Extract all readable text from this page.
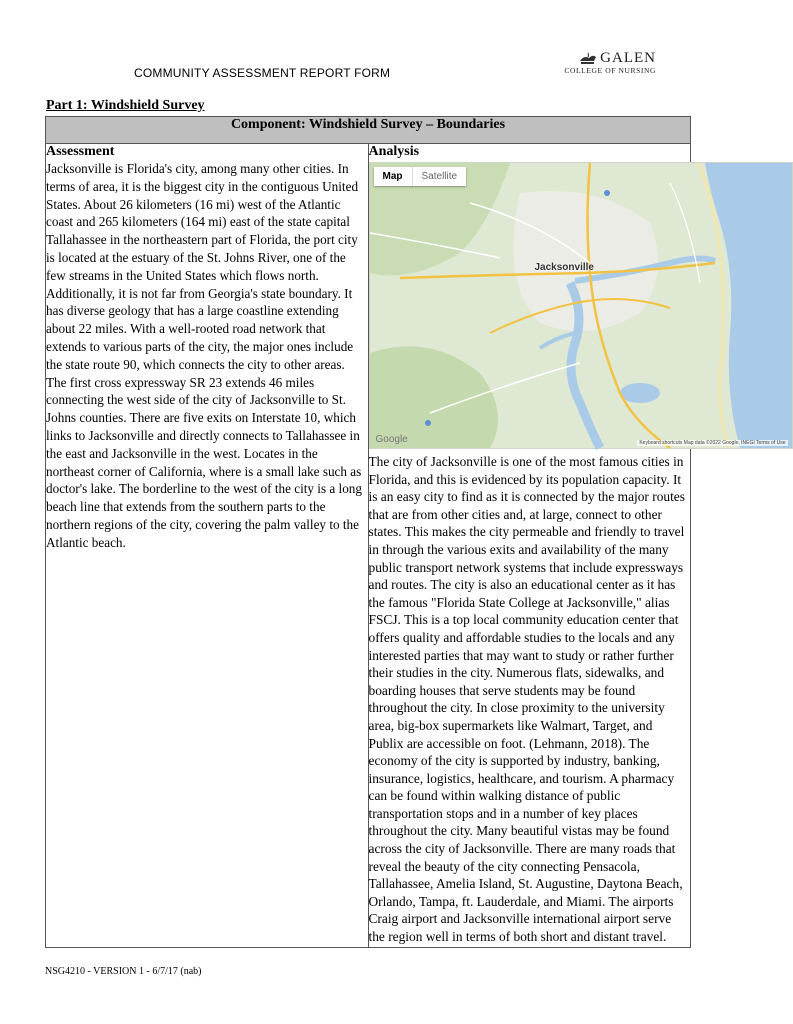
COMMUNITY ASSESSMENT REPORT FORM
GALEN
COLLEGE OF NURSING
Part 1: Windshield Survey
Component: Windshield Survey – Boundaries

Assessment
Jacksonville is Florida's city, among many other cities. In terms of area, it is the biggest city in the contiguous United States. About 26 kilometers (16 mi) west of the Atlantic coast and 265 kilometers (164 mi) east of the state capital Tallahassee in the northeastern part of Florida, the port city is located at the estuary of the St. Johns River, one of the few streams in the United States which flows north. Additionally, it is not far from Georgia's state boundary. It has diverse geology that has a large coastline extending about 22 miles. With a well-rooted road network that extends to various parts of the city, the major ones include the state route 90, which connects the city to other areas. The first cross expressway SR 23 extends 46 miles connecting the west side of the city of Jacksonville to St. Johns counties. There are five exits on Interstate 10, which links to Jacksonville and directly connects to Tallahassee in the east and Jacksonville in the west. Locates in the northeast corner of California, where is a small lake such as doctor's lake. The borderline to the west of the city is a long beach line that extends from the southern parts to the northern regions of the city, covering the palm valley to the Atlantic beach.

Analysis
Map	Satellite
Jacksonville
Google	Keyboard shortcuts Map data ©2022 Google, INEGI Terms of Use
The city of Jacksonville is one of the most famous cities in Florida, and this is evidenced by its population capacity. It is an easy city to find as it is connected by the major routes that are from other cities and, at large, connect to other states. This makes the city permeable and friendly to travel in through the various exits and availability of the many public transport network systems that include expressways and routes. The city is also an educational center as it has the famous "Florida State College at Jacksonville," alias FSCJ. This is a top local community education center that offers quality and affordable studies to the locals and any interested parties that may want to study or rather further their studies in the city. Numerous flats, sidewalks, and boarding houses that serve students may be found throughout the city. In close proximity to the university area, big-box supermarkets like Walmart, Target, and Publix are accessible on foot. (Lehmann, 2018). The economy of the city is supported by industry, banking, insurance, logistics, healthcare, and tourism. A pharmacy can be found within walking distance of public transportation stops and in a number of key places throughout the city. Many beautiful vistas may be found across the city of Jacksonville. There are many roads that reveal the beauty of the city connecting Pensacola, Tallahassee, Amelia Island, St. Augustine, Daytona Beach, Orlando, Tampa, ft. Lauderdale, and Miami. The airports Craig airport and Jacksonville international airport serve the region well in terms of both short and distant travel.
NSG4210 - VERSION 1 - 6/7/17 (nab)
